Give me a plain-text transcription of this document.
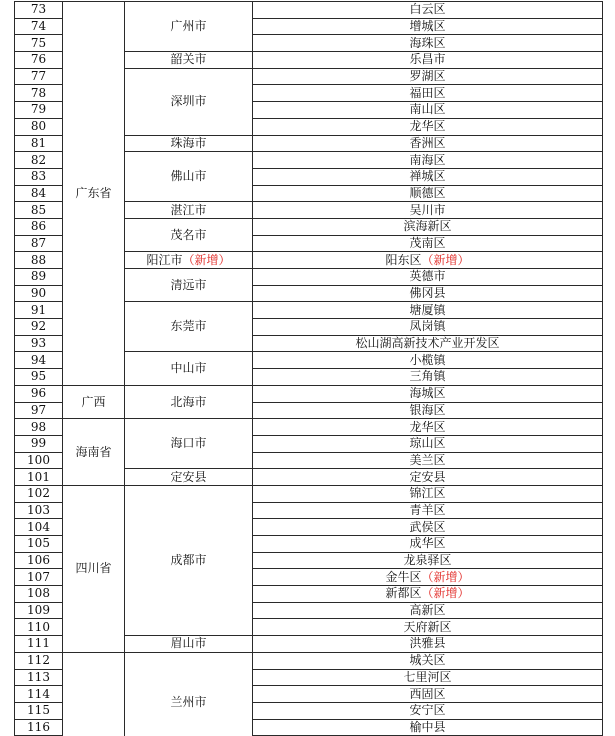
73	广东省	广州市	白云区
74			增城区
75			海珠区
76		韶关市	乐昌市
77		深圳市	罗湖区
78			福田区
79			南山区
80			龙华区
81		珠海市	香洲区
82		佛山市	南海区
83			禅城区
84			顺德区
85		湛江市	吴川市
86		茂名市	滨海新区
87			茂南区
88		阳江市（新增）	阳东区（新增）
89		清远市	英德市
90			佛冈县
91		东莞市	塘厦镇
92			凤岗镇
93			松山湖高新技术产业开发区
94		中山市	小榄镇
95			三角镇
96	广西	北海市	海城区
97			银海区
98	海南省	海口市	龙华区
99			琼山区
100			美兰区
101		定安县	定安县
102	四川省	成都市	锦江区
103			青羊区
104			武侯区
105			成华区
106			龙泉驿区
107			金牛区（新增）
108			新都区（新增）
109			高新区
110			天府新区
111		眉山市	洪雅县
112		兰州市	城关区
113			七里河区
114			西固区
115			安宁区
116			榆中县
